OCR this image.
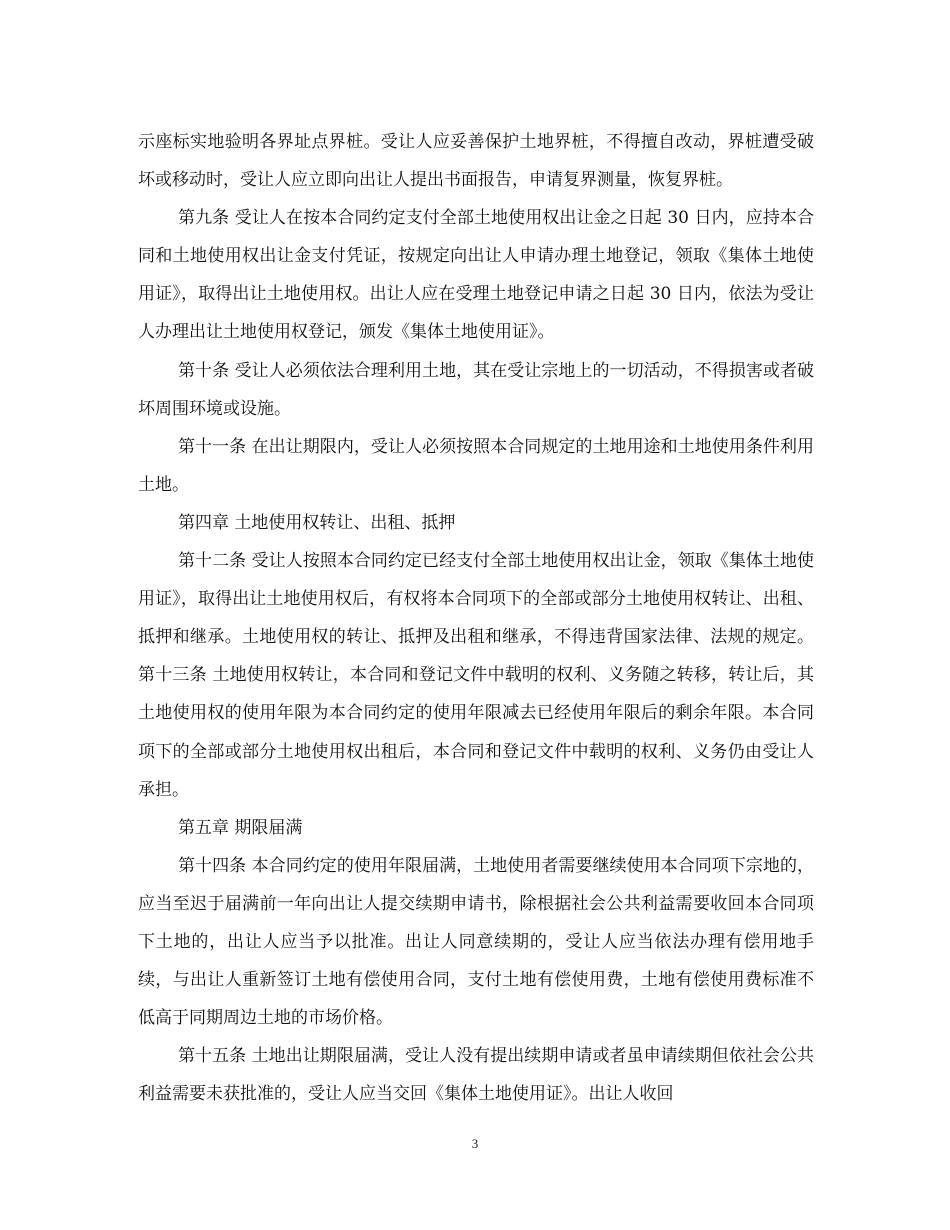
示座标实地验明各界址点界桩。受让人应妥善保护土地界桩，不得擅自改动，界桩遭受破坏或移动时，受让人应立即向出让人提出书面报告，申请复界测量，恢复界桩。

第九条 受让人在按本合同约定支付全部土地使用权出让金之日起 30 日内，应持本合同和土地使用权出让金支付凭证，按规定向出让人申请办理土地登记，领取《集体土地使用证》，取得出让土地使用权。出让人应在受理土地登记申请之日起 30 日内，依法为受让人办理出让土地使用权登记，颁发《集体土地使用证》。

第十条 受让人必须依法合理利用土地，其在受让宗地上的一切活动，不得损害或者破坏周围环境或设施。

第十一条 在出让期限内，受让人必须按照本合同规定的土地用途和土地使用条件利用土地。

第四章 土地使用权转让、出租、抵押

第十二条 受让人按照本合同约定已经支付全部土地使用权出让金，领取《集体土地使用证》，取得出让土地使用权后，有权将本合同项下的全部或部分土地使用权转让、出租、抵押和继承。土地使用权的转让、抵押及出租和继承，不得违背国家法律、法规的规定。 第十三条 土地使用权转让，本合同和登记文件中载明的权利、义务随之转移，转让后，其土地使用权的使用年限为本合同约定的使用年限减去已经使用年限后的剩余年限。本合同项下的全部或部分土地使用权出租后，本合同和登记文件中载明的权利、义务仍由受让人承担。

第五章 期限届满

第十四条 本合同约定的使用年限届满，土地使用者需要继续使用本合同项下宗地的，应当至迟于届满前一年向出让人提交续期申请书，除根据社会公共利益需要收回本合同项下土地的，出让人应当予以批准。出让人同意续期的，受让人应当依法办理有偿用地手续，与出让人重新签订土地有偿使用合同，支付土地有偿使用费，土地有偿使用费标准不低高于同期周边土地的市场价格。

第十五条 土地出让期限届满，受让人没有提出续期申请或者虽申请续期但依社会公共利益需要未获批准的，受让人应当交回《集体土地使用证》。出让人收回

3
